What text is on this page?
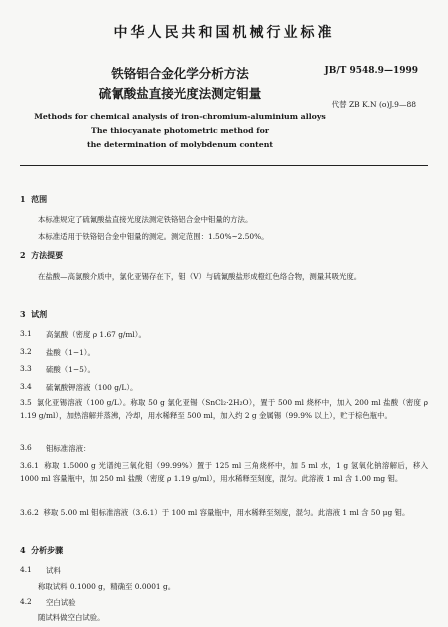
中华人民共和国机械行业标准
铁铬铝合金化学分析方法
硫氰酸盐直接光度法测定钼量
JB/T 9548.9—1999
代替 ZB K.N (o)J.9—88
Methods for chemical analysis of iron-chromium-aluminium alloys
The thiocyanate photometric method for
the determination of molybdenum content
1 范围
本标准规定了硫氰酸盐直接光度法测定铁铬铝合金中钼量的方法。
本标准适用于铁铬铝合金中钼量的测定。测定范围：1.50%~2.50%。
2 方法提要
在盐酸—高氯酸介质中，氯化亚锡存在下，钼（V）与硫氰酸盐形成橙红色络合物，测量其吸光度。
3 试剂
3.1 高氯酸（密度 ρ 1.67 g/ml）。
3.2 盐酸（1−1）。
3.3 硫酸（1−5）。
3.4 硫氰酸钾溶液（100 g/L）。
3.5 氯化亚锡溶液（100 g/L）。称取 50 g 氯化亚锡（SnCl₂·2H₂O），置于 500 ml 烧杯中，加入 200 ml 盐酸（密度 ρ 1.19 g/ml），加热溶解并蒸沸，冷却，用水稀释至 500 ml，加入约 2 g 金属锡（99.9% 以上），贮于棕色瓶中。
3.6 钼标准溶液：
3.6.1 称取 1.5000 g 光谱纯三氧化钼（99.99%）置于 125 ml 三角烧杯中，加 5 ml 水，1 g 氢氧化钠溶解后，移入 1000 ml 容量瓶中，加 250 ml 盐酸（密度 ρ 1.19 g/ml），用水稀释至刻度，混匀。此溶液 1 ml 含 1.00 mg 钼。
3.6.2 移取 5.00 ml 钼标准溶液（3.6.1）于 100 ml 容量瓶中，用水稀释至刻度，混匀。此溶液 1 ml 含 50 μg 钼。
4 分析步骤
4.1 试料
称取试料 0.1000 g，精确至 0.0001 g。
4.2 空白试验
随试料做空白试验。
